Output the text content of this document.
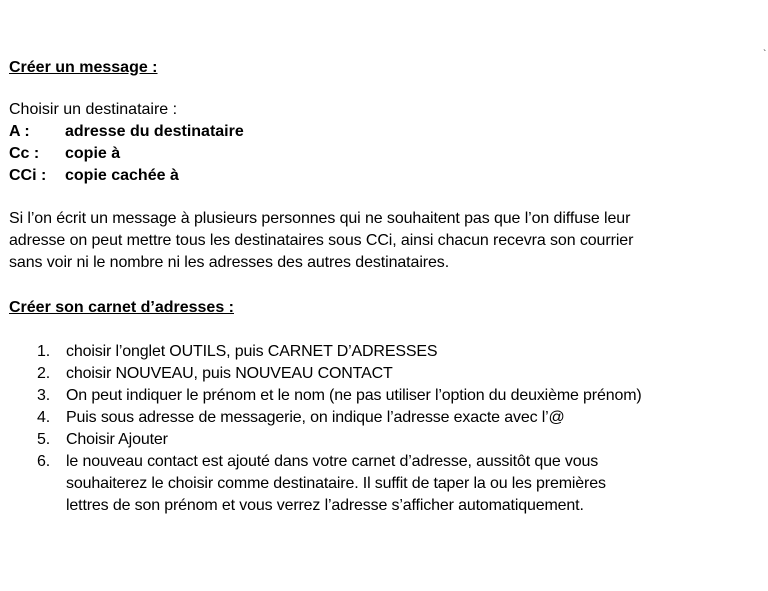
Créer un message :
Choisir un destinataire :
A : adresse du destinataire
Cc : copie à
CCi : copie cachée à
Si l’on écrit un message à plusieurs personnes qui ne souhaitent pas que l’on diffuse leur
adresse on peut mettre tous les destinataires sous CCi, ainsi chacun recevra son courrier
sans voir ni le nombre ni les adresses des autres destinataires.
Créer son carnet d’adresses :
1. choisir l’onglet OUTILS, puis CARNET D’ADRESSES
2. choisir NOUVEAU, puis NOUVEAU CONTACT
3. On peut indiquer le prénom et le nom (ne pas utiliser l’option du deuxième prénom)
4. Puis sous adresse de messagerie, on indique l’adresse exacte avec l’@
5. Choisir Ajouter
6. le nouveau contact est ajouté dans votre carnet d’adresse, aussitôt que vous
souhaiterez le choisir comme destinataire. Il suffit de taper la ou les premières
lettres de son prénom et vous verrez l’adresse s’afficher automatiquement.
`
